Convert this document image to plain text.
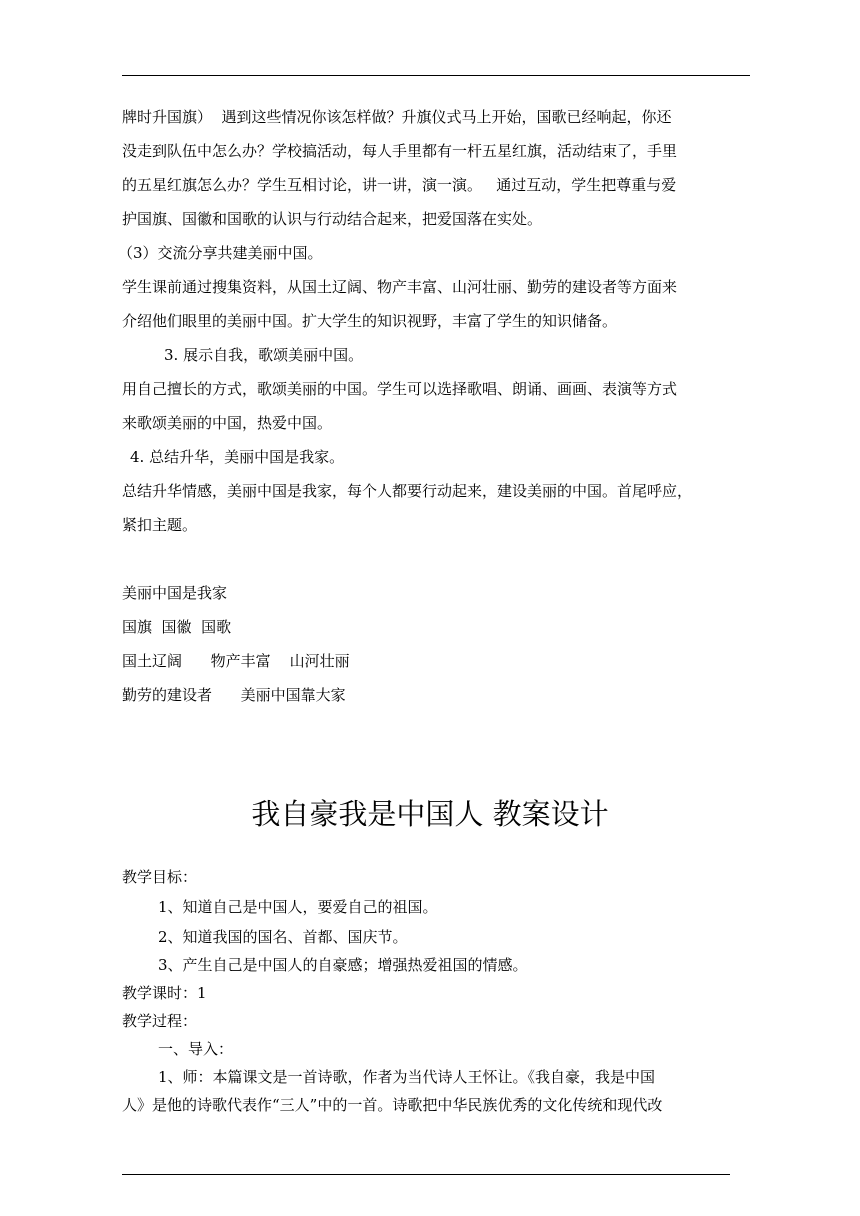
牌时升国旗）  遇到这些情况你该怎样做？升旗仪式马上开始，国歌已经响起，你还
没走到队伍中怎么办？学校搞活动，每人手里都有一杆五星红旗，活动结束了，手里
的五星红旗怎么办？学生互相讨论，讲一讲，演一演。   通过互动，学生把尊重与爱
护国旗、国徽和国歌的认识与行动结合起来，把爱国落在实处。
（3）交流分享共建美丽中国。
学生课前通过搜集资料，从国土辽阔、物产丰富、山河壮丽、勤劳的建设者等方面来
介绍他们眼里的美丽中国。扩大学生的知识视野，丰富了学生的知识储备。
3. 展示自我，歌颂美丽中国。
用自己擅长的方式，歌颂美丽的中国。学生可以选择歌唱、朗诵、画画、表演等方式
来歌颂美丽的中国，热爱中国。
4. 总结升华，美丽中国是我家。
总结升华情感，美丽中国是我家，每个人都要行动起来，建设美丽的中国。首尾呼应，
紧扣主题。
美丽中国是我家
国旗  国徽  国歌
国土辽阔      物产丰富    山河壮丽
勤劳的建设者      美丽中国靠大家
我自豪我是中国人 教案设计
教学目标：
1、知道自己是中国人，要爱自己的祖国。
2、知道我国的国名、首都、国庆节。
3、产生自己是中国人的自豪感；增强热爱祖国的情感。
教学课时：1
教学过程：
一、导入：
1、师：本篇课文是一首诗歌，作者为当代诗人王怀让。《我自豪，我是中国
人》是他的诗歌代表作“三人”中的一首。诗歌把中华民族优秀的文化传统和现代改
